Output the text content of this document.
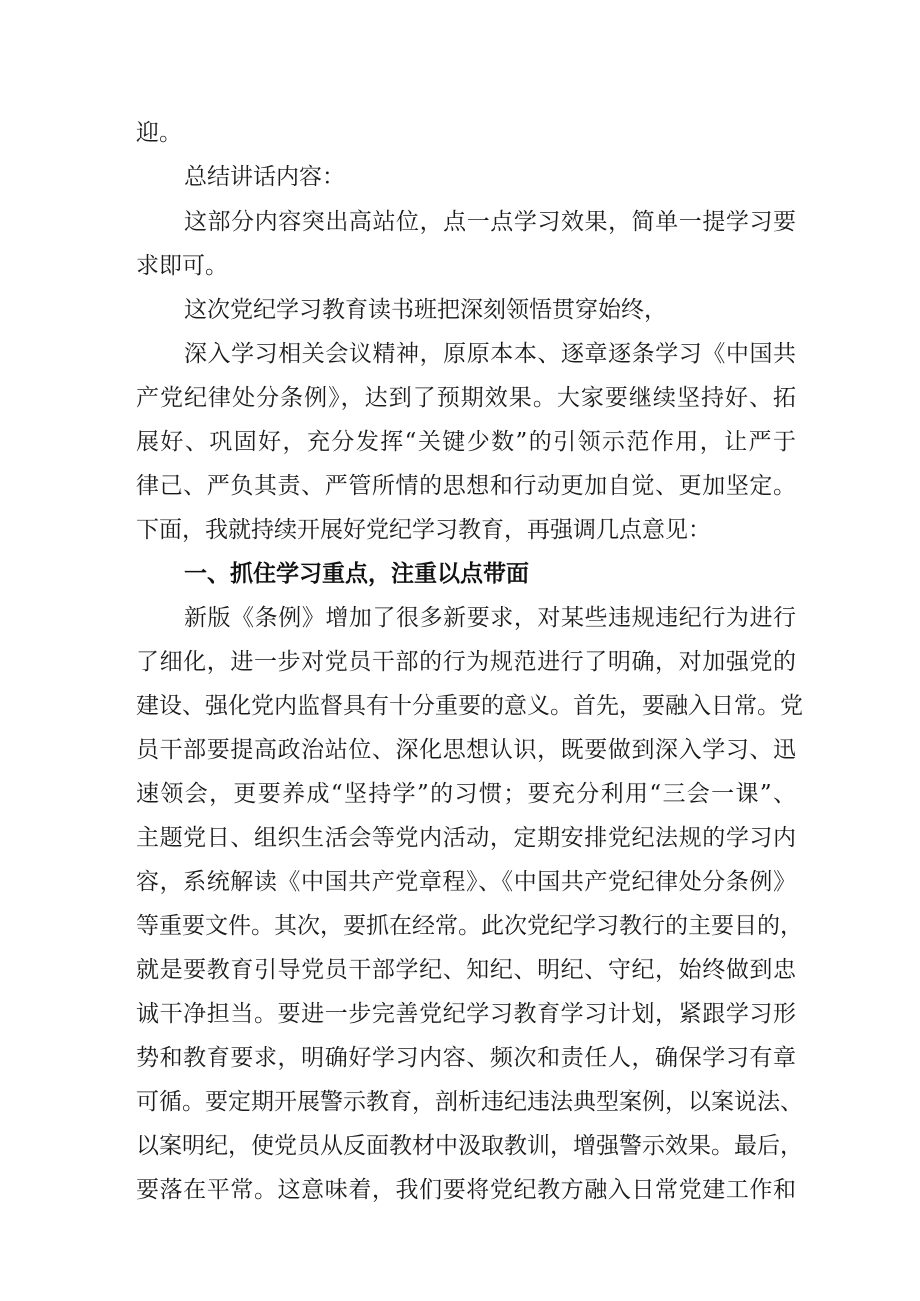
迎。
总结讲话内容：
这部分内容突出高站位，点一点学习效果，简单一提学习要
求即可。
这次党纪学习教育读书班把深刻领悟贯穿始终，
深入学习相关会议精神，原原本本、逐章逐条学习《中国共
产党纪律处分条例》，达到了预期效果。大家要继续坚持好、拓
展好、巩固好，充分发挥“关键少数”的引领示范作用，让严于
律己、严负其责、严管所情的思想和行动更加自觉、更加坚定。
下面，我就持续开展好党纪学习教育，再强调几点意见：
一、抓住学习重点，注重以点带面
新版《条例》增加了很多新要求，对某些违规违纪行为进行
了细化，进一步对党员干部的行为规范进行了明确，对加强党的
建设、强化党内监督具有十分重要的意义。首先，要融入日常。党
员干部要提高政治站位、深化思想认识，既要做到深入学习、迅
速领会，更要养成“坚持学”的习惯；要充分利用“三会一课”、
主题党日、组织生活会等党内活动，定期安排党纪法规的学习内
容，系统解读《中国共产党章程》、《中国共产党纪律处分条例》
等重要文件。其次，要抓在经常。此次党纪学习教行的主要目的，
就是要教育引导党员干部学纪、知纪、明纪、守纪，始终做到忠
诚干净担当。要进一步完善党纪学习教育学习计划，紧跟学习形
势和教育要求，明确好学习内容、频次和责任人，确保学习有章
可循。要定期开展警示教育，剖析违纪违法典型案例，以案说法、
以案明纪，使党员从反面教材中汲取教训，增强警示效果。最后，
要落在平常。这意味着，我们要将党纪教方融入日常党建工作和
